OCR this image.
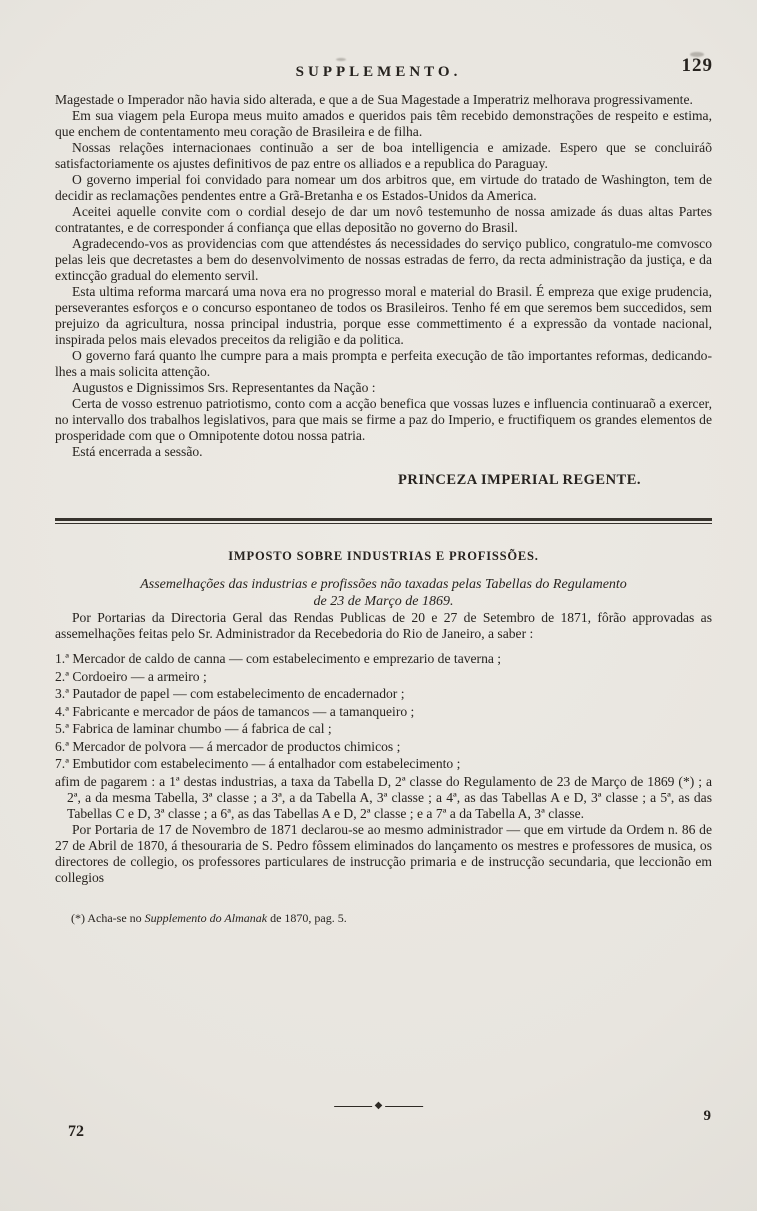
SUPPLEMENTO.	129

Magestade o Imperador não havia sido alterada, e que a de Sua Magestade a Imperatriz melhorava progressivamente.

Em sua viagem pela Europa meus muito amados e queridos pais têm recebido demonstrações de respeito e estima, que enchem de contentamento meu coração de Brasileira e de filha.

Nossas relações internacionaes continuão a ser de boa intelligencia e amizade. Espero que se concluiráõ satisfactoriamente os ajustes definitivos de paz entre os alliados e a republica do Paraguay.

O governo imperial foi convidado para nomear um dos arbitros que, em virtude do tratado de Washington, tem de decidir as reclamações pendentes entre a Grã-Bretanha e os Estados-Unidos da America.

Aceitei aquelle convite com o cordial desejo de dar um novô testemunho de nossa amizade ás duas altas Partes contratantes, e de corresponder á confiança que ellas depositão no governo do Brasil.

Agradecendo-vos as providencias com que attendéstes ás necessidades do serviço publico, congratulo-me comvosco pelas leis que decretastes a bem do desenvolvimento de nossas estradas de ferro, da recta administração da justiça, e da extincção gradual do elemento servil.

Esta ultima reforma marcará uma nova era no progresso moral e material do Brasil. É empreza que exige prudencia, perseverantes esforços e o concurso espontaneo de todos os Brasileiros. Tenho fé em que seremos bem succedidos, sem prejuizo da agricultura, nossa principal industria, porque esse commettimento é a expressão da vontade nacional, inspirada pelos mais elevados preceitos da religião e da politica.

O governo fará quanto lhe cumpre para a mais prompta e perfeita execução de tão importantes reformas, dedicando-lhes a mais solicita attenção.

Augustos e Dignissimos Srs. Representantes da Nação :

Certa de vosso estrenuo patriotismo, conto com a acção benefica que vossas luzes e influencia continuaraõ a exercer, no intervallo dos trabalhos legislativos, para que mais se firme a paz do Imperio, e fructifiquem os grandes elementos de prosperidade com que o Omnipotente dotou nossa patria.

Está encerrada a sessão.

PRINCEZA IMPERIAL REGENTE.
IMPOSTO SOBRE INDUSTRIAS E PROFISSÕES.
Assemelhações das industrias e profissões não taxadas pelas Tabellas do Regulamento
de 23 de Março de 1869.

Por Portarias da Directoria Geral das Rendas Publicas de 20 e 27 de Setembro de 1871, fôrão approvadas as assemelhações feitas pelo Sr. Administrador da Recebedoria do Rio de Janeiro, a saber :

1.ª Mercador de caldo de canna — com estabelecimento e emprezario de taverna ;
2.ª Cordoeiro — a armeiro ;
3.ª Pautador de papel — com estabelecimento de encadernador ;
4.ª Fabricante e mercador de páos de tamancos — a tamanqueiro ;
5.ª Fabrica de laminar chumbo — á fabrica de cal ;
6.ª Mercador de polvora — á mercador de productos chimicos ;
7.ª Embutidor com estabelecimento — á entalhador com estabelecimento ;

afim de pagarem : a 1ª destas industrias, a taxa da Tabella D, 2ª classe do Regulamento de 23 de Março de 1869 (*) ; a 2ª, a da mesma Tabella, 3ª classe ; a 3ª, a da Tabella A, 3ª classe ; a 4ª, as das Tabellas A e D, 3ª classe ; a 5ª, as das Tabellas C e D, 3ª classe ; a 6ª, as das Tabellas A e D, 2ª classe ; e a 7ª a da Tabella A, 3ª classe.

Por Portaria de 17 de Novembro de 1871 declarou-se ao mesmo administrador — que em virtude da Ordem n. 86 de 27 de Abril de 1870, á thesouraria de S. Pedro fôssem eliminados do lançamento os mestres e professores de musica, os directores de collegio, os professores particulares de instrucção primaria e de instrucção secundaria, que leccionão em collegios

(*) Acha-se no Supplemento do Almanak de 1870, pag. 5.
◆
72
9
